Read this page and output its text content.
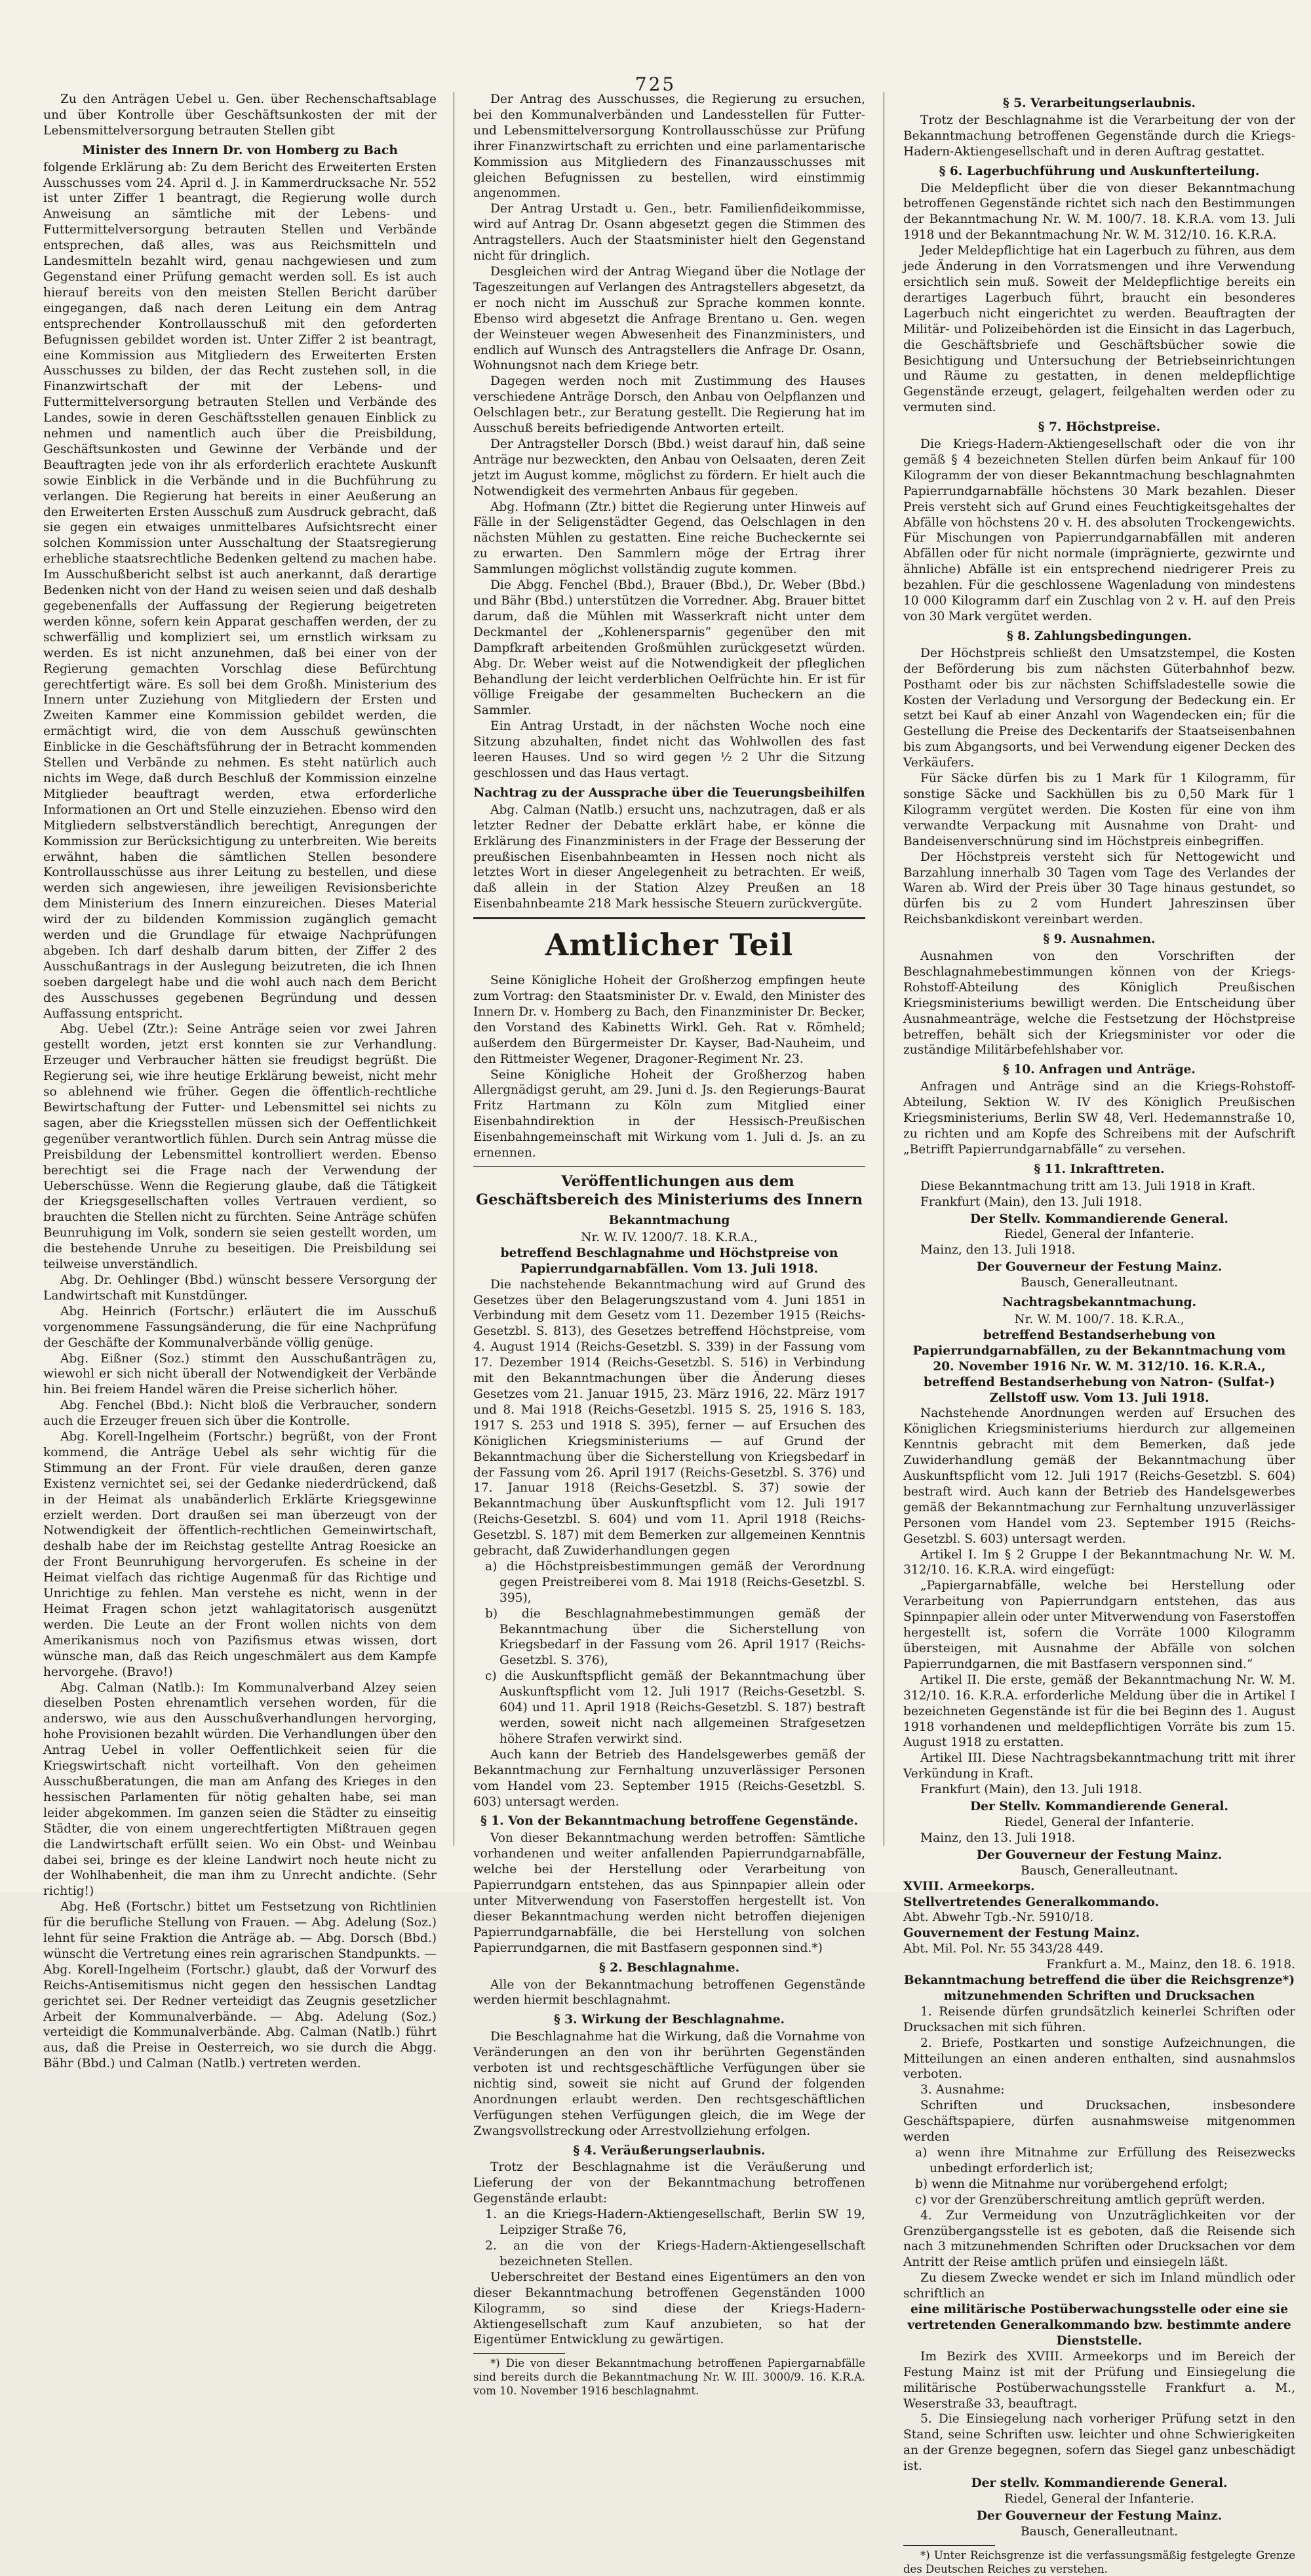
725

Zu den Anträgen Uebel u. Gen. über Rechenschaftsablage und über Kontrolle über Geschäftsunkosten der mit der Lebensmittelversorgung betrauten Stellen gibt

Minister des Innern Dr. von Homberg zu Bach

folgende Erklärung ab: Zu dem Bericht des Erweiterten Ersten Ausschusses vom 24. April d. J. in Kammerdrucksache Nr. 552 ist unter Ziffer 1 beantragt, die Regierung wolle durch Anweisung an sämtliche mit der Lebens- und Futtermittelversorgung betrauten Stellen und Verbände entsprechen, daß alles, was aus Reichsmitteln und Landesmitteln bezahlt wird, genau nachgewiesen und zum Gegenstand einer Prüfung gemacht werden soll. Es ist auch hierauf bereits von den meisten Stellen Bericht darüber eingegangen, daß nach deren Leitung ein dem Antrag entsprechender Kontrollausschuß mit den geforderten Befugnissen gebildet worden ist. Unter Ziffer 2 ist beantragt, eine Kommission aus Mitgliedern des Erweiterten Ersten Ausschusses zu bilden, der das Recht zustehen soll, in die Finanzwirtschaft der mit der Lebens- und Futtermittelversorgung betrauten Stellen und Verbände des Landes, sowie in deren Geschäftsstellen genauen Einblick zu nehmen und namentlich auch über die Preisbildung, Geschäftsunkosten und Gewinne der Verbände und der Beauftragten jede von ihr als erforderlich erachtete Auskunft sowie Einblick in die Verbände und in die Buchführung zu verlangen. Die Regierung hat bereits in einer Aeußerung an den Erweiterten Ersten Ausschuß zum Ausdruck gebracht, daß sie gegen ein etwaiges unmittelbares Aufsichtsrecht einer solchen Kommission unter Ausschaltung der Staatsregierung erhebliche staatsrechtliche Bedenken geltend zu machen habe. Im Ausschußbericht selbst ist auch anerkannt, daß derartige Bedenken nicht von der Hand zu weisen seien und daß deshalb gegebenenfalls der Auffassung der Regierung beigetreten werden könne, sofern kein Apparat geschaffen werden, der zu schwerfällig und kompliziert sei, um ernstlich wirksam zu werden. Es ist nicht anzunehmen, daß bei einer von der Regierung gemachten Vorschlag diese Befürchtung gerechtfertigt wäre. Es soll bei dem Großh. Ministerium des Innern unter Zuziehung von Mitgliedern der Ersten und Zweiten Kammer eine Kommission gebildet werden, die ermächtigt wird, die von dem Ausschuß gewünschten Einblicke in die Geschäftsführung der in Betracht kommenden Stellen und Verbände zu nehmen. Es steht natürlich auch nichts im Wege, daß durch Beschluß der Kommission einzelne Mitglieder beauftragt werden, etwa erforderliche Informationen an Ort und Stelle einzuziehen. Ebenso wird den Mitgliedern selbstverständlich berechtigt, Anregungen der Kommission zur Berücksichtigung zu unterbreiten. Wie bereits erwähnt, haben die sämtlichen Stellen besondere Kontrollausschüsse aus ihrer Leitung zu bestellen, und diese werden sich angewiesen, ihre jeweiligen Revisionsberichte dem Ministerium des Innern einzureichen. Dieses Material wird der zu bildenden Kommission zugänglich gemacht werden und die Grundlage für etwaige Nachprüfungen abgeben. Ich darf deshalb darum bitten, der Ziffer 2 des Ausschußantrags in der Auslegung beizutreten, die ich Ihnen soeben dargelegt habe und die wohl auch nach dem Bericht des Ausschusses gegebenen Begründung und dessen Auffassung entspricht.

Abg. Uebel (Ztr.): Seine Anträge seien vor zwei Jahren gestellt worden, jetzt erst konnten sie zur Verhandlung. Erzeuger und Verbraucher hätten sie freudigst begrüßt. Die Regierung sei, wie ihre heutige Erklärung beweist, nicht mehr so ablehnend wie früher. Gegen die öffentlich-rechtliche Bewirtschaftung der Futter- und Lebensmittel sei nichts zu sagen, aber die Kriegsstellen müssen sich der Oeffentlichkeit gegenüber verantwortlich fühlen. Durch sein Antrag müsse die Preisbildung der Lebensmittel kontrolliert werden. Ebenso berechtigt sei die Frage nach der Verwendung der Ueberschüsse. Wenn die Regierung glaube, daß die Tätigkeit der Kriegsgesellschaften volles Vertrauen verdient, so brauchten die Stellen nicht zu fürchten. Seine Anträge schüfen Beunruhigung im Volk, sondern sie seien gestellt worden, um die bestehende Unruhe zu beseitigen. Die Preisbildung sei teilweise unverständlich.

Abg. Dr. Oehlinger (Bbd.) wünscht bessere Versorgung der Landwirtschaft mit Kunstdünger.

Abg. Heinrich (Fortschr.) erläutert die im Ausschuß vorgenommene Fassungsänderung, die für eine Nachprüfung der Geschäfte der Kommunalverbände völlig genüge.

Abg. Eißner (Soz.) stimmt den Ausschußanträgen zu, wiewohl er sich nicht überall der Notwendigkeit der Verbände hin. Bei freiem Handel wären die Preise sicherlich höher.

Abg. Fenchel (Bbd.): Nicht bloß die Verbraucher, sondern auch die Erzeuger freuen sich über die Kontrolle.

Abg. Korell-Ingelheim (Fortschr.) begrüßt, von der Front kommend, die Anträge Uebel als sehr wichtig für die Stimmung an der Front. Für viele draußen, deren ganze Existenz vernichtet sei, sei der Gedanke niederdrückend, daß in der Heimat als unabänderlich Erklärte Kriegsgewinne erzielt werden. Dort draußen sei man überzeugt von der Notwendigkeit der öffentlich-rechtlichen Gemeinwirtschaft, deshalb habe der im Reichstag gestellte Antrag Roesicke an der Front Beunruhigung hervorgerufen. Es scheine in der Heimat vielfach das richtige Augenmaß für das Richtige und Unrichtige zu fehlen. Man verstehe es nicht, wenn in der Heimat Fragen schon jetzt wahlagitatorisch ausgenützt werden. Die Leute an der Front wollen nichts von dem Amerikanismus noch von Pazifismus etwas wissen, dort wünsche man, daß das Reich ungeschmälert aus dem Kampfe hervorgehe. (Bravo!)

Abg. Calman (Natlb.): Im Kommunalverband Alzey seien dieselben Posten ehrenamtlich versehen worden, für die anderswo, wie aus den Ausschußverhandlungen hervorging, hohe Provisionen bezahlt würden. Die Verhandlungen über den Antrag Uebel in voller Oeffentlichkeit seien für die Kriegswirtschaft nicht vorteilhaft. Von den geheimen Ausschußberatungen, die man am Anfang des Krieges in den hessischen Parlamenten für nötig gehalten habe, sei man leider abgekommen. Im ganzen seien die Städter zu einseitig Städter, die von einem ungerechtfertigten Mißtrauen gegen die Landwirtschaft erfüllt seien. Wo ein Obst- und Weinbau dabei sei, bringe es der kleine Landwirt noch heute nicht zu der Wohlhabenheit, die man ihm zu Unrecht andichte. (Sehr richtig!)

Abg. Heß (Fortschr.) bittet um Festsetzung von Richtlinien für die berufliche Stellung von Frauen. — Abg. Adelung (Soz.) lehnt für seine Fraktion die Anträge ab. — Abg. Dorsch (Bbd.) wünscht die Vertretung eines rein agrarischen Standpunkts. — Abg. Korell-Ingelheim (Fortschr.) glaubt, daß der Vorwurf des Reichs-Antisemitismus nicht gegen den hessischen Landtag gerichtet sei. Der Redner verteidigt das Zeugnis gesetzlicher Arbeit der Kommunalverbände. — Abg. Adelung (Soz.) verteidigt die Kommunalverbände. Abg. Calman (Natlb.) führt aus, daß die Preise in Oesterreich, wo sie durch die Abgg. Bähr (Bbd.) und Calman (Natlb.) vertreten werden.

Der Antrag des Ausschusses, die Regierung zu ersuchen, bei den Kommunalverbänden und Landesstellen für Futter- und Lebensmittelversorgung Kontrollausschüsse zur Prüfung ihrer Finanzwirtschaft zu errichten und eine parlamentarische Kommission aus Mitgliedern des Finanzausschusses mit gleichen Befugnissen zu bestellen, wird einstimmig angenommen.

Der Antrag Urstadt u. Gen., betr. Familienfideikommisse, wird auf Antrag Dr. Osann abgesetzt gegen die Stimmen des Antragstellers. Auch der Staatsminister hielt den Gegenstand nicht für dringlich.

Desgleichen wird der Antrag Wiegand über die Notlage der Tageszeitungen auf Verlangen des Antragstellers abgesetzt, da er noch nicht im Ausschuß zur Sprache kommen konnte. Ebenso wird abgesetzt die Anfrage Brentano u. Gen. wegen der Weinsteuer wegen Abwesenheit des Finanzministers, und endlich auf Wunsch des Antragstellers die Anfrage Dr. Osann, Wohnungsnot nach dem Kriege betr.

Dagegen werden noch mit Zustimmung des Hauses verschiedene Anträge Dorsch, den Anbau von Oelpflanzen und Oelschlagen betr., zur Beratung gestellt. Die Regierung hat im Ausschuß bereits befriedigende Antworten erteilt.

Der Antragsteller Dorsch (Bbd.) weist darauf hin, daß seine Anträge nur bezweckten, den Anbau von Oelsaaten, deren Zeit jetzt im August komme, möglichst zu fördern. Er hielt auch die Notwendigkeit des vermehrten Anbaus für gegeben.

Abg. Hofmann (Ztr.) bittet die Regierung unter Hinweis auf Fälle in der Seligenstädter Gegend, das Oelschlagen in den nächsten Mühlen zu gestatten. Eine reiche Bucheckernte sei zu erwarten. Den Sammlern möge der Ertrag ihrer Sammlungen möglichst vollständig zugute kommen.

Die Abgg. Fenchel (Bbd.), Brauer (Bbd.), Dr. Weber (Bbd.) und Bähr (Bbd.) unterstützen die Vorredner. Abg. Brauer bittet darum, daß die Mühlen mit Wasserkraft nicht unter dem Deckmantel der „Kohlenersparnis“ gegenüber den mit Dampfkraft arbeitenden Großmühlen zurückgesetzt würden. Abg. Dr. Weber weist auf die Notwendigkeit der pfleglichen Behandlung der leicht verderblichen Oelfrüchte hin. Er ist für völlige Freigabe der gesammelten Bucheckern an die Sammler.

Ein Antrag Urstadt, in der nächsten Woche noch eine Sitzung abzuhalten, findet nicht das Wohlwollen des fast leeren Hauses. Und so wird gegen ½ 2 Uhr die Sitzung geschlossen und das Haus vertagt.

Nachtrag zu der Aussprache über die Teuerungsbeihilfen

Abg. Calman (Natlb.) ersucht uns, nachzutragen, daß er als letzter Redner der Debatte erklärt habe, er könne die Erklärung des Finanzministers in der Frage der Besserung der preußischen Eisenbahnbeamten in Hessen noch nicht als letztes Wort in dieser Angelegenheit zu betrachten. Er weiß, daß allein in der Station Alzey Preußen an 18 Eisenbahnbeamte 218 Mark hessische Steuern zurückvergüte.

Amtlicher Teil

Seine Königliche Hoheit der Großherzog empfingen heute zum Vortrag: den Staatsminister Dr. v. Ewald, den Minister des Innern Dr. v. Homberg zu Bach, den Finanzminister Dr. Becker, den Vorstand des Kabinetts Wirkl. Geh. Rat v. Römheld; außerdem den Bürgermeister Dr. Kayser, Bad-Nauheim, und den Rittmeister Wegener, Dragoner-Regiment Nr. 23.

Seine Königliche Hoheit der Großherzog haben Allergnädigst geruht, am 29. Juni d. Js. den Regierungs-Baurat Fritz Hartmann zu Köln zum Mitglied einer Eisenbahndirektion in der Hessisch-Preußischen Eisenbahngemeinschaft mit Wirkung vom 1. Juli d. Js. an zu ernennen.

Veröffentlichungen aus dem Geschäftsbereich des Ministeriums des Innern

Bekanntmachung

Nr. W. IV. 1200/7. 18. K.R.A.,

betreffend Beschlagnahme und Höchstpreise von Papierrundgarnabfällen. Vom 13. Juli 1918.

Die nachstehende Bekanntmachung wird auf Grund des Gesetzes über den Belagerungszustand vom 4. Juni 1851 in Verbindung mit dem Gesetz vom 11. Dezember 1915 (Reichs-Gesetzbl. S. 813), des Gesetzes betreffend Höchstpreise, vom 4. August 1914 (Reichs-Gesetzbl. S. 339) in der Fassung vom 17. Dezember 1914 (Reichs-Gesetzbl. S. 516) in Verbindung mit den Bekanntmachungen über die Änderung dieses Gesetzes vom 21. Januar 1915, 23. März 1916, 22. März 1917 und 8. Mai 1918 (Reichs-Gesetzbl. 1915 S. 25, 1916 S. 183, 1917 S. 253 und 1918 S. 395), ferner — auf Ersuchen des Königlichen Kriegsministeriums — auf Grund der Bekanntmachung über die Sicherstellung von Kriegsbedarf in der Fassung vom 26. April 1917 (Reichs-Gesetzbl. S. 376) und 17. Januar 1918 (Reichs-Gesetzbl. S. 37) sowie der Bekanntmachung über Auskunftspflicht vom 12. Juli 1917 (Reichs-Gesetzbl. S. 604) und vom 11. April 1918 (Reichs-Gesetzbl. S. 187) mit dem Bemerken zur allgemeinen Kenntnis gebracht, daß Zuwiderhandlungen gegen

a) die Höchstpreisbestimmungen gemäß der Verordnung gegen Preistreiberei vom 8. Mai 1918 (Reichs-Gesetzbl. S. 395),

b) die Beschlagnahmebestimmungen gemäß der Bekanntmachung über die Sicherstellung von Kriegsbedarf in der Fassung vom 26. April 1917 (Reichs-Gesetzbl. S. 376),

c) die Auskunftspflicht gemäß der Bekanntmachung über Auskunftspflicht vom 12. Juli 1917 (Reichs-Gesetzbl. S. 604) und 11. April 1918 (Reichs-Gesetzbl. S. 187) bestraft werden, soweit nicht nach allgemeinen Strafgesetzen höhere Strafen verwirkt sind.

Auch kann der Betrieb des Handelsgewerbes gemäß der Bekanntmachung zur Fernhaltung unzuverlässiger Personen vom Handel vom 23. September 1915 (Reichs-Gesetzbl. S. 603) untersagt werden.

§ 1. Von der Bekanntmachung betroffene Gegenstände.

Von dieser Bekanntmachung werden betroffen: Sämtliche vorhandenen und weiter anfallenden Papierrundgarnabfälle, welche bei der Herstellung oder Verarbeitung von Papierrundgarn entstehen, das aus Spinnpapier allein oder unter Mitverwendung von Faserstoffen hergestellt ist. Von dieser Bekanntmachung werden nicht betroffen diejenigen Papierrundgarnabfälle, die bei Herstellung von solchen Papierrundgarnen, die mit Bastfasern gesponnen sind.*)

§ 2. Beschlagnahme.

Alle von der Bekanntmachung betroffenen Gegenstände werden hiermit beschlagnahmt.

§ 3. Wirkung der Beschlagnahme.

Die Beschlagnahme hat die Wirkung, daß die Vornahme von Veränderungen an den von ihr berührten Gegenständen verboten ist und rechtsgeschäftliche Verfügungen über sie nichtig sind, soweit sie nicht auf Grund der folgenden Anordnungen erlaubt werden. Den rechtsgeschäftlichen Verfügungen stehen Verfügungen gleich, die im Wege der Zwangsvollstreckung oder Arrestvollziehung erfolgen.

§ 4. Veräußerungserlaubnis.

Trotz der Beschlagnahme ist die Veräußerung und Lieferung der von der Bekanntmachung betroffenen Gegenstände erlaubt:

1. an die Kriegs-Hadern-Aktiengesellschaft, Berlin SW 19, Leipziger Straße 76,

2. an die von der Kriegs-Hadern-Aktiengesellschaft bezeichneten Stellen.

Ueberschreitet der Bestand eines Eigentümers an den von dieser Bekanntmachung betroffenen Gegenständen 1000 Kilogramm, so sind diese der Kriegs-Hadern-Aktiengesellschaft zum Kauf anzubieten, so hat der Eigentümer Entwicklung zu gewärtigen.

*) Die von dieser Bekanntmachung betroffenen Papiergarnabfälle sind bereits durch die Bekanntmachung Nr. W. III. 3000/9. 16. K.R.A. vom 10. November 1916 beschlagnahmt.

§ 5. Verarbeitungserlaubnis.

Trotz der Beschlagnahme ist die Verarbeitung der von der Bekanntmachung betroffenen Gegenstände durch die Kriegs-Hadern-Aktiengesellschaft und in deren Auftrag gestattet.

§ 6. Lagerbuchführung und Auskunfterteilung.

Die Meldepflicht über die von dieser Bekanntmachung betroffenen Gegenstände richtet sich nach den Bestimmungen der Bekanntmachung Nr. W. M. 100/7. 18. K.R.A. vom 13. Juli 1918 und der Bekanntmachung Nr. W. M. 312/10. 16. K.R.A.

Jeder Meldepflichtige hat ein Lagerbuch zu führen, aus dem jede Änderung in den Vorratsmengen und ihre Verwendung ersichtlich sein muß. Soweit der Meldepflichtige bereits ein derartiges Lagerbuch führt, braucht ein besonderes Lagerbuch nicht eingerichtet zu werden. Beauftragten der Militär- und Polizeibehörden ist die Einsicht in das Lagerbuch, die Geschäftsbriefe und Geschäftsbücher sowie die Besichtigung und Untersuchung der Betriebseinrichtungen und Räume zu gestatten, in denen meldepflichtige Gegenstände erzeugt, gelagert, feilgehalten werden oder zu vermuten sind.

§ 7. Höchstpreise.

Die Kriegs-Hadern-Aktiengesellschaft oder die von ihr gemäß § 4 bezeichneten Stellen dürfen beim Ankauf für 100 Kilogramm der von dieser Bekanntmachung beschlagnahmten Papierrundgarnabfälle höchstens 30 Mark bezahlen. Dieser Preis versteht sich auf Grund eines Feuchtigkeitsgehaltes der Abfälle von höchstens 20 v. H. des absoluten Trockengewichts. Für Mischungen von Papierrundgarnabfällen mit anderen Abfällen oder für nicht normale (imprägnierte, gezwirnte und ähnliche) Abfälle ist ein entsprechend niedrigerer Preis zu bezahlen. Für die geschlossene Wagenladung von mindestens 10 000 Kilogramm darf ein Zuschlag von 2 v. H. auf den Preis von 30 Mark vergütet werden.

§ 8. Zahlungsbedingungen.

Der Höchstpreis schließt den Umsatzstempel, die Kosten der Beförderung bis zum nächsten Güterbahnhof bezw. Posthamt oder bis zur nächsten Schiffsladestelle sowie die Kosten der Verladung und Versorgung der Bedeckung ein. Er setzt bei Kauf ab einer Anzahl von Wagendecken ein; für die Gestellung die Preise des Deckentarifs der Staatseisenbahnen bis zum Abgangsorts, und bei Verwendung eigener Decken des Verkäufers.

Für Säcke dürfen bis zu 1 Mark für 1 Kilogramm, für sonstige Säcke und Sackhüllen bis zu 0,50 Mark für 1 Kilogramm vergütet werden. Die Kosten für eine von ihm verwandte Verpackung mit Ausnahme von Draht- und Bandeisenverschnürung sind im Höchstpreis einbegriffen.

Der Höchstpreis versteht sich für Nettogewicht und Barzahlung innerhalb 30 Tagen vom Tage des Verlandes der Waren ab. Wird der Preis über 30 Tage hinaus gestundet, so dürfen bis zu 2 vom Hundert Jahreszinsen über Reichsbankdiskont vereinbart werden.

§ 9. Ausnahmen.

Ausnahmen von den Vorschriften der Beschlagnahmebestimmungen können von der Kriegs-Rohstoff-Abteilung des Königlich Preußischen Kriegsministeriums bewilligt werden. Die Entscheidung über Ausnahmeanträge, welche die Festsetzung der Höchstpreise betreffen, behält sich der Kriegsminister vor oder die zuständige Militärbefehlshaber vor.

§ 10. Anfragen und Anträge.

Anfragen und Anträge sind an die Kriegs-Rohstoff-Abteilung, Sektion W. IV des Königlich Preußischen Kriegsministeriums, Berlin SW 48, Verl. Hedemannstraße 10, zu richten und am Kopfe des Schreibens mit der Aufschrift „Betrifft Papierrundgarnabfälle“ zu versehen.

§ 11. Inkrafttreten.

Diese Bekanntmachung tritt am 13. Juli 1918 in Kraft.

Frankfurt (Main), den 13. Juli 1918.

Der Stellv. Kommandierende General.

Riedel, General der Infanterie.

Mainz, den 13. Juli 1918.

Der Gouverneur der Festung Mainz.

Bausch, Generalleutnant.

Nachtragsbekanntmachung.

Nr. W. M. 100/7. 18. K.R.A.,

betreffend Bestandserhebung von Papierrundgarnabfällen, zu der Bekanntmachung vom 20. November 1916 Nr. W. M. 312/10. 16. K.R.A., betreffend Bestandserhebung von Natron- (Sulfat-) Zellstoff usw. Vom 13. Juli 1918.

Nachstehende Anordnungen werden auf Ersuchen des Königlichen Kriegsministeriums hierdurch zur allgemeinen Kenntnis gebracht mit dem Bemerken, daß jede Zuwiderhandlung gemäß der Bekanntmachung über Auskunftspflicht vom 12. Juli 1917 (Reichs-Gesetzbl. S. 604) bestraft wird. Auch kann der Betrieb des Handelsgewerbes gemäß der Bekanntmachung zur Fernhaltung unzuverlässiger Personen vom Handel vom 23. September 1915 (Reichs-Gesetzbl. S. 603) untersagt werden.

Artikel I. Im § 2 Gruppe I der Bekanntmachung Nr. W. M. 312/10. 16. K.R.A. wird eingefügt:

„Papiergarnabfälle, welche bei Herstellung oder Verarbeitung von Papierrundgarn entstehen, das aus Spinnpapier allein oder unter Mitverwendung von Faserstoffen hergestellt ist, sofern die Vorräte 1000 Kilogramm übersteigen, mit Ausnahme der Abfälle von solchen Papierrundgarnen, die mit Bastfasern versponnen sind.“

Artikel II. Die erste, gemäß der Bekanntmachung Nr. W. M. 312/10. 16. K.R.A. erforderliche Meldung über die in Artikel I bezeichneten Gegenstände ist für die bei Beginn des 1. August 1918 vorhandenen und meldepflichtigen Vorräte bis zum 15. August 1918 zu erstatten.

Artikel III. Diese Nachtragsbekanntmachung tritt mit ihrer Verkündung in Kraft.

Frankfurt (Main), den 13. Juli 1918.

Der Stellv. Kommandierende General.

Riedel, General der Infanterie.

Mainz, den 13. Juli 1918.

Der Gouverneur der Festung Mainz.

Bausch, Generalleutnant.

XVIII. Armeekorps.

Stellvertretendes Generalkommando.

Abt. Abwehr Tgb.-Nr. 5910/18.

Gouvernement der Festung Mainz.

Abt. Mil. Pol. Nr. 55 343/28 449.

Frankfurt a. M., Mainz, den 18. 6. 1918.

Bekanntmachung betreffend die über die Reichsgrenze*) mitzunehmenden Schriften und Drucksachen

1. Reisende dürfen grundsätzlich keinerlei Schriften oder Drucksachen mit sich führen.

2. Briefe, Postkarten und sonstige Aufzeichnungen, die Mitteilungen an einen anderen enthalten, sind ausnahmslos verboten.

3. Ausnahme:

Schriften und Drucksachen, insbesondere Geschäftspapiere, dürfen ausnahmsweise mitgenommen werden

a) wenn ihre Mitnahme zur Erfüllung des Reisezwecks unbedingt erforderlich ist;

b) wenn die Mitnahme nur vorübergehend erfolgt;

c) vor der Grenzüberschreitung amtlich geprüft werden.

4. Zur Vermeidung von Unzuträglichkeiten vor der Grenzübergangsstelle ist es geboten, daß die Reisende sich nach 3 mitzunehmenden Schriften oder Drucksachen vor dem Antritt der Reise amtlich prüfen und einsiegeln läßt.

Zu diesem Zwecke wendet er sich im Inland mündlich oder schriftlich an

eine militärische Postüberwachungsstelle oder eine sie vertretenden Generalkommando bzw. bestimmte andere Dienststelle.

Im Bezirk des XVIII. Armeekorps und im Bereich der Festung Mainz ist mit der Prüfung und Einsiegelung die militärische Postüberwachungsstelle Frankfurt a. M., Weserstraße 33, beauftragt.

5. Die Einsiegelung nach vorheriger Prüfung setzt in den Stand, seine Schriften usw. leichter und ohne Schwierigkeiten an der Grenze begegnen, sofern das Siegel ganz unbeschädigt ist.

Der stellv. Kommandierende General.

Riedel, General der Infanterie.

Der Gouverneur der Festung Mainz.

Bausch, Generalleutnant.

*) Unter Reichsgrenze ist die verfassungsmäßig festgelegte Grenze des Deutschen Reiches zu verstehen.
